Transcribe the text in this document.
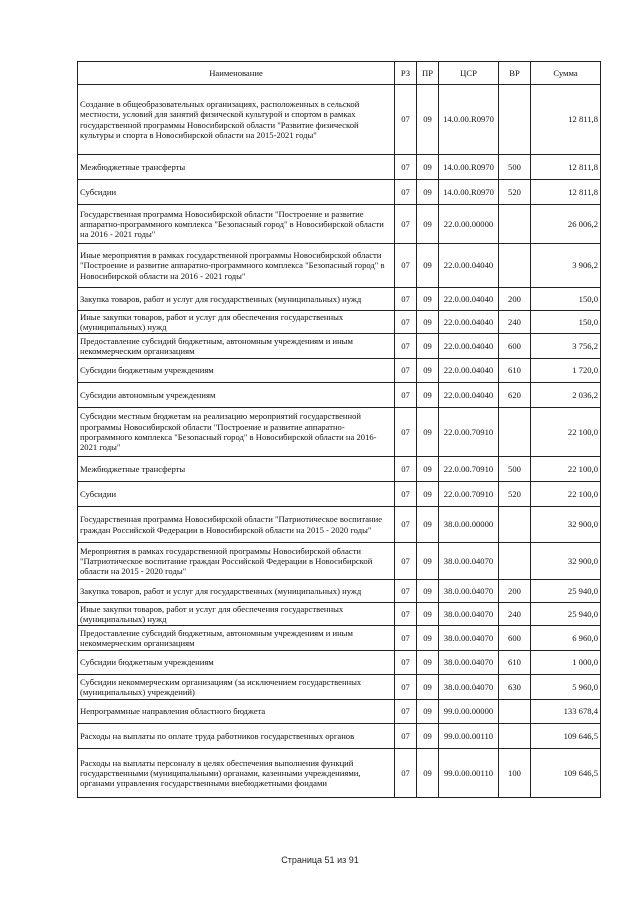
Наименование	РЗ	ПР	ЦСР	ВР	Сумма
Создание в общеобразовательных организациях, расположенных в сельской местности, условий для занятий физической культурой и спортом в рамках государственной программы Новосибирской области "Развитие физической культуры и спорта в Новосибирской области на 2015-2021 годы"	07	09	14.0.00.R0970		12 811,8
Межбюджетные трансферты	07	09	14.0.00.R0970	500	12 811,8
Субсидии	07	09	14.0.00.R0970	520	12 811,8
Государственная программа Новосибирской области "Построение и развитие аппаратно-программного комплекса "Безопасный город" в Новосибирской области на 2016 - 2021 годы"	07	09	22.0.00.00000		26 006,2
Иные мероприятия в рамках государственной программы Новосибирской области "Построение и развитие аппаратно-программного комплекса "Безопасный город" в Новосибирской области на 2016 - 2021 годы"	07	09	22.0.00.04040		3 906,2
Закупка товаров, работ и услуг для государственных (муниципальных) нужд	07	09	22.0.00.04040	200	150,0
Иные закупки товаров, работ и услуг для обеспечения государственных (муниципальных) нужд	07	09	22.0.00.04040	240	150,0
Предоставление субсидий бюджетным, автономным учреждениям и иным некоммерческим организациям	07	09	22.0.00.04040	600	3 756,2
Субсидии бюджетным учреждениям	07	09	22.0.00.04040	610	1 720,0
Субсидии автономным учреждениям	07	09	22.0.00.04040	620	2 036,2
Субсидии местным бюджетам на реализацию мероприятий государственной программы Новосибирской области "Построение и развитие аппаратно-программного комплекса "Безопасный город" в Новосибирской области на 2016-2021 годы"	07	09	22.0.00.70910		22 100,0
Межбюджетные трансферты	07	09	22.0.00.70910	500	22 100,0
Субсидии	07	09	22.0.00.70910	520	22 100,0
Государственная программа Новосибирской области "Патриотическое воспитание граждан Российской Федерации в Новосибирской области на 2015 - 2020 годы"	07	09	38.0.00.00000		32 900,0
Мероприятия в рамках государственной программы Новосибирской области "Патриотическое воспитание граждан Российской Федерации в Новосибирской области на 2015 - 2020 годы"	07	09	38.0.00.04070		32 900,0
Закупка товаров, работ и услуг для государственных (муниципальных) нужд	07	09	38.0.00.04070	200	25 940,0
Иные закупки товаров, работ и услуг для обеспечения государственных (муниципальных) нужд	07	09	38.0.00.04070	240	25 940,0
Предоставление субсидий бюджетным, автономным учреждениям и иным некоммерческим организациям	07	09	38.0.00.04070	600	6 960,0
Субсидии бюджетным учреждениям	07	09	38.0.00.04070	610	1 000,0
Субсидии некоммерческим организациям (за исключением государственных (муниципальных) учреждений)	07	09	38.0.00.04070	630	5 960,0
Непрограммные направления областного бюджета	07	09	99.0.00.00000		133 678,4
Расходы на выплаты по оплате труда работников государственных органов	07	09	99.0.00.00110		109 646,5
Расходы на выплаты персоналу в целях обеспечения выполнения функций государственными (муниципальными) органами, казенными учреждениями, органами управления государственными внебюджетными фондами	07	09	99.0.00.00110	100	109 646,5
Страница 51 из 91
